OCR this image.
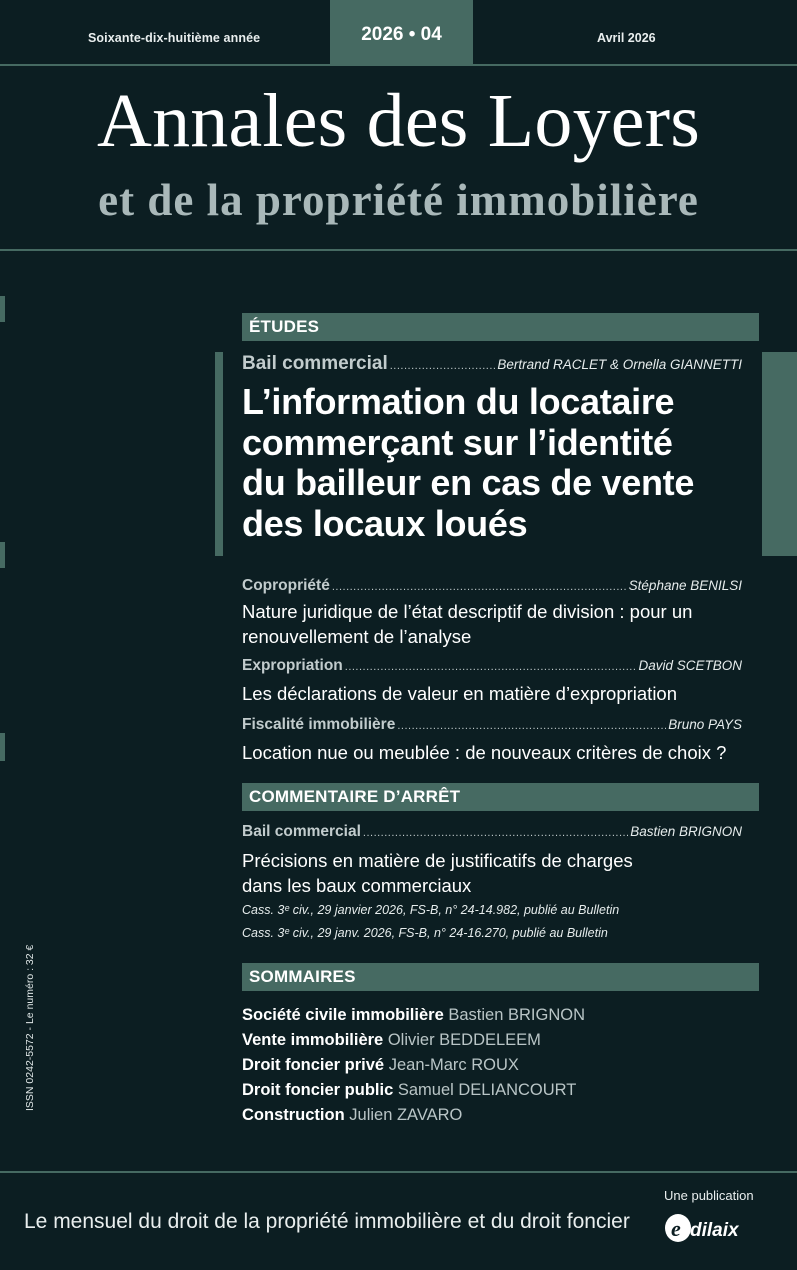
Soixante-dix-huitième année	2026 • 04	Avril 2026
Annales des Loyers
et de la propriété immobilière
ÉTUDES
Bail commercial .....	Bertrand RACLET & Ornella GIANNETTI
L’information du locataire
commerçant sur l’identité
du bailleur en cas de vente
des locaux loués
Copropriété .....	Stéphane BENILSI
Nature juridique de l’état descriptif de division : pour un
renouvellement de l’analyse
Expropriation .....	David SCETBON
Les déclarations de valeur en matière d’expropriation
Fiscalité immobilière .....	Bruno PAYS
Location nue ou meublée : de nouveaux critères de choix ?
COMMENTAIRE D’ARRÊT
Bail commercial .....	Bastien BRIGNON
Précisions en matière de justificatifs de charges
dans les baux commerciaux
Cass. 3ᵉ civ., 29 janvier 2026, FS-B, n° 24-14.982, publié au Bulletin
Cass. 3ᵉ civ., 29 janv. 2026, FS-B, n° 24-16.270, publié au Bulletin
SOMMAIRES
Société civile immobilière Bastien BRIGNON
Vente immobilière Olivier BEDDELEEM
Droit foncier privé Jean-Marc ROUX
Droit foncier public Samuel DELIANCOURT
Construction Julien ZAVARO
ISSN 0242-5572 - Le numéro : 32 €
Le mensuel du droit de la propriété immobilière et du droit foncier
Une publication
e dilaix
